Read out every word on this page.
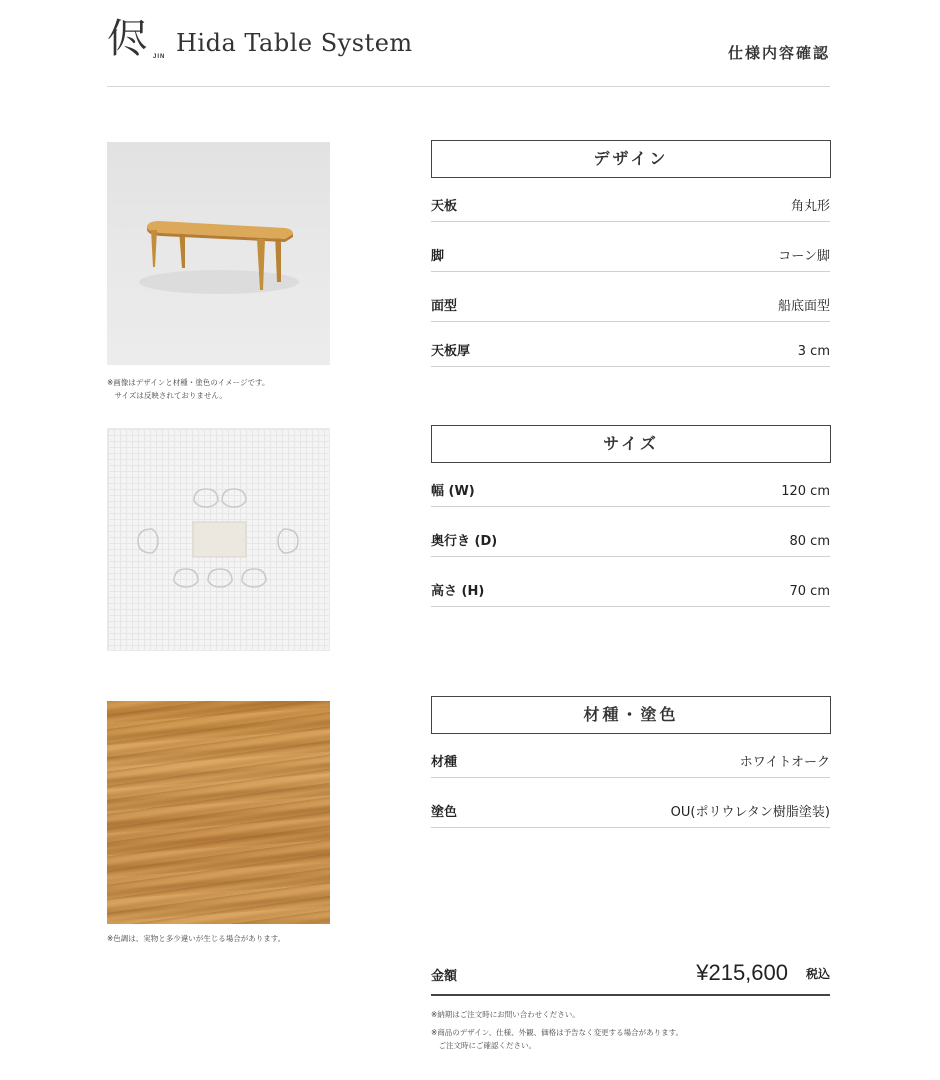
侭 JIN Hida Table System	仕様内容確認
※画像はデザインと材種・塗色のイメージです。
　サイズは反映されておりません。
※色調は、実物と多少違いが生じる場合があります。
デザイン
天板	角丸形
脚	コーン脚
面型	船底面型
天板厚	3 cm
サイズ
幅 (W)	120 cm
奥行き (D)	80 cm
高さ (H)	70 cm
材種・塗色
材種	ホワイトオーク
塗色	OU(ポリウレタン樹脂塗装)
金額	¥215,600 税込
※納期はご注文時にお問い合わせください。
※商品のデザイン、仕様、外観、価格は予告なく変更する場合があります。
　ご注文時にご確認ください。
